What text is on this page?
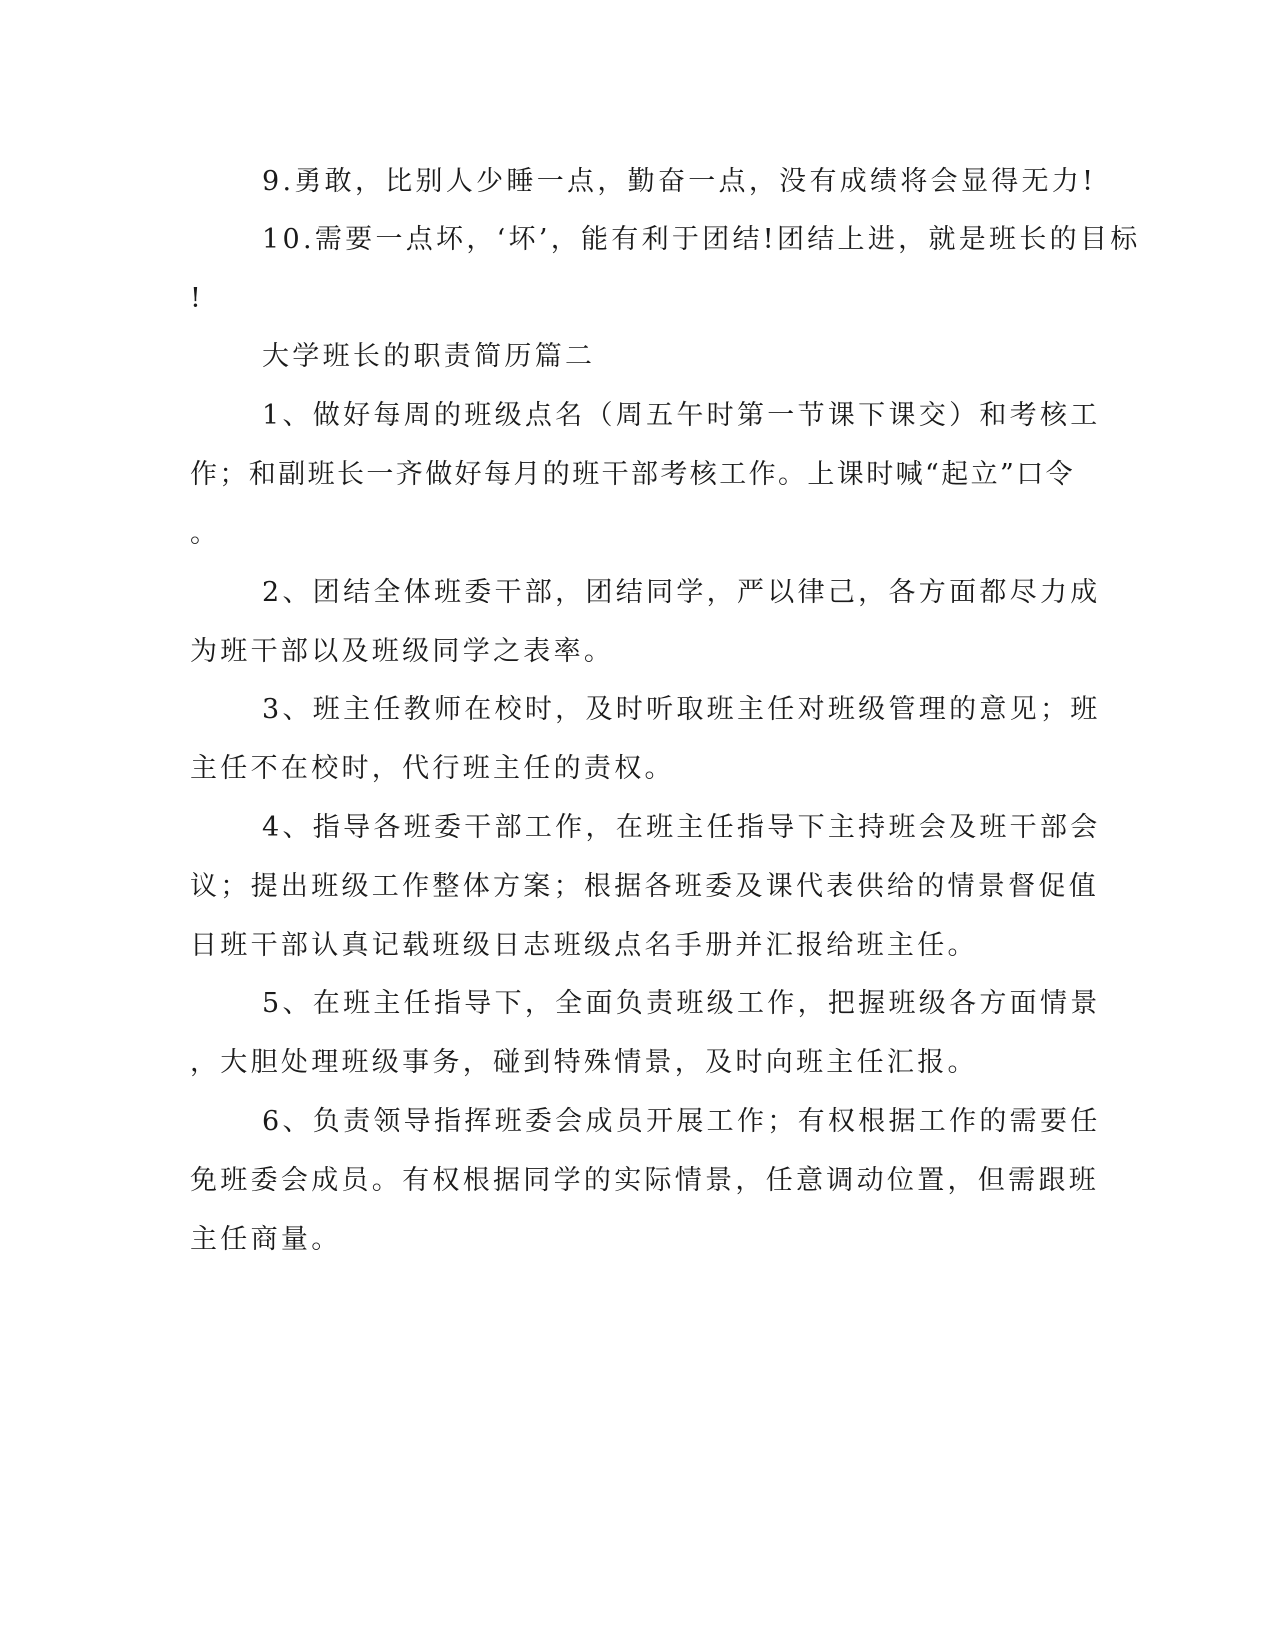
9.勇敢，比别人少睡一点，勤奋一点，没有成绩将会显得无力!
10.需要一点坏，‘坏’，能有利于团结!团结上进，就是班长的目标
!
大学班长的职责简历篇二
1、做好每周的班级点名（周五午时第一节课下课交）和考核工
作；和副班长一齐做好每月的班干部考核工作。上课时喊“起立”口令
。
2、团结全体班委干部，团结同学，严以律己，各方面都尽力成
为班干部以及班级同学之表率。
3、班主任教师在校时，及时听取班主任对班级管理的意见；班
主任不在校时，代行班主任的责权。
4、指导各班委干部工作，在班主任指导下主持班会及班干部会
议；提出班级工作整体方案；根据各班委及课代表供给的情景督促值
日班干部认真记载班级日志班级点名手册并汇报给班主任。
5、在班主任指导下，全面负责班级工作，把握班级各方面情景
，大胆处理班级事务，碰到特殊情景，及时向班主任汇报。
6、负责领导指挥班委会成员开展工作；有权根据工作的需要任
免班委会成员。有权根据同学的实际情景，任意调动位置，但需跟班
主任商量。
